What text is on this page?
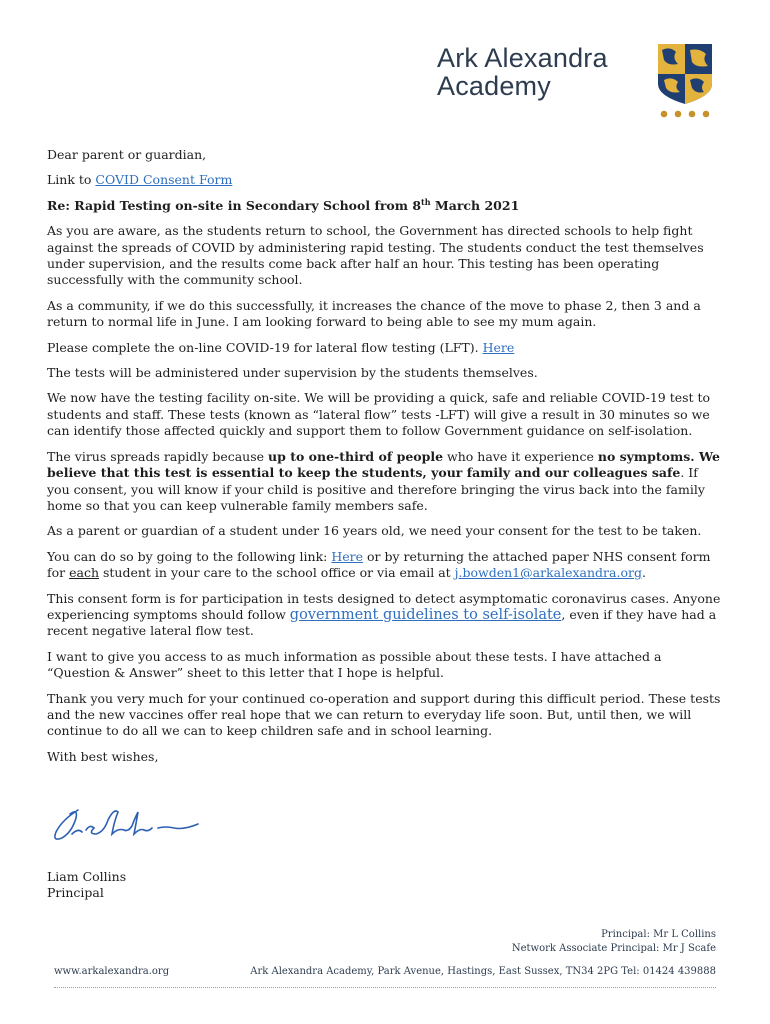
Ark Alexandra
Academy

Dear parent or guardian,

Link to COVID Consent Form

Re: Rapid Testing on-site in Secondary School from 8th March 2021

As you are aware, as the students return to school, the Government has directed schools to help fight against the spreads of COVID by administering rapid testing. The students conduct the test themselves under supervision, and the results come back after half an hour. This testing has been operating successfully with the community school.

As a community, if we do this successfully, it increases the chance of the move to phase 2, then 3 and a return to normal life in June. I am looking forward to being able to see my mum again.

Please complete the on-line COVID-19 for lateral flow testing (LFT). Here

The tests will be administered under supervision by the students themselves.

We now have the testing facility on-site. We will be providing a quick, safe and reliable COVID-19 test to students and staff. These tests (known as “lateral flow” tests -LFT) will give a result in 30 minutes so we can identify those affected quickly and support them to follow Government guidance on self-isolation.

The virus spreads rapidly because up to one-third of people who have it experience no symptoms. We believe that this test is essential to keep the students, your family and our colleagues safe. If you consent, you will know if your child is positive and therefore bringing the virus back into the family home so that you can keep vulnerable family members safe.

As a parent or guardian of a student under 16 years old, we need your consent for the test to be taken.

You can do so by going to the following link: Here or by returning the attached paper NHS consent form for each student in your care to the school office or via email at j.bowden1@arkalexandra.org.

This consent form is for participation in tests designed to detect asymptomatic coronavirus cases. Anyone experiencing symptoms should follow government guidelines to self-isolate, even if they have had a recent negative lateral flow test.

I want to give you access to as much information as possible about these tests. I have attached a “Question & Answer” sheet to this letter that I hope is helpful.

Thank you very much for your continued co-operation and support during this difficult period. These tests and the new vaccines offer real hope that we can return to everyday life soon. But, until then, we will continue to do all we can to keep children safe and in school learning.

With best wishes,

Liam Collins
Principal
Principal: Mr L Collins
Network Associate Principal: Mr J Scafe
www.arkalexandra.org	Ark Alexandra Academy, Park Avenue, Hastings, East Sussex, TN34 2PG Tel: 01424 439888
